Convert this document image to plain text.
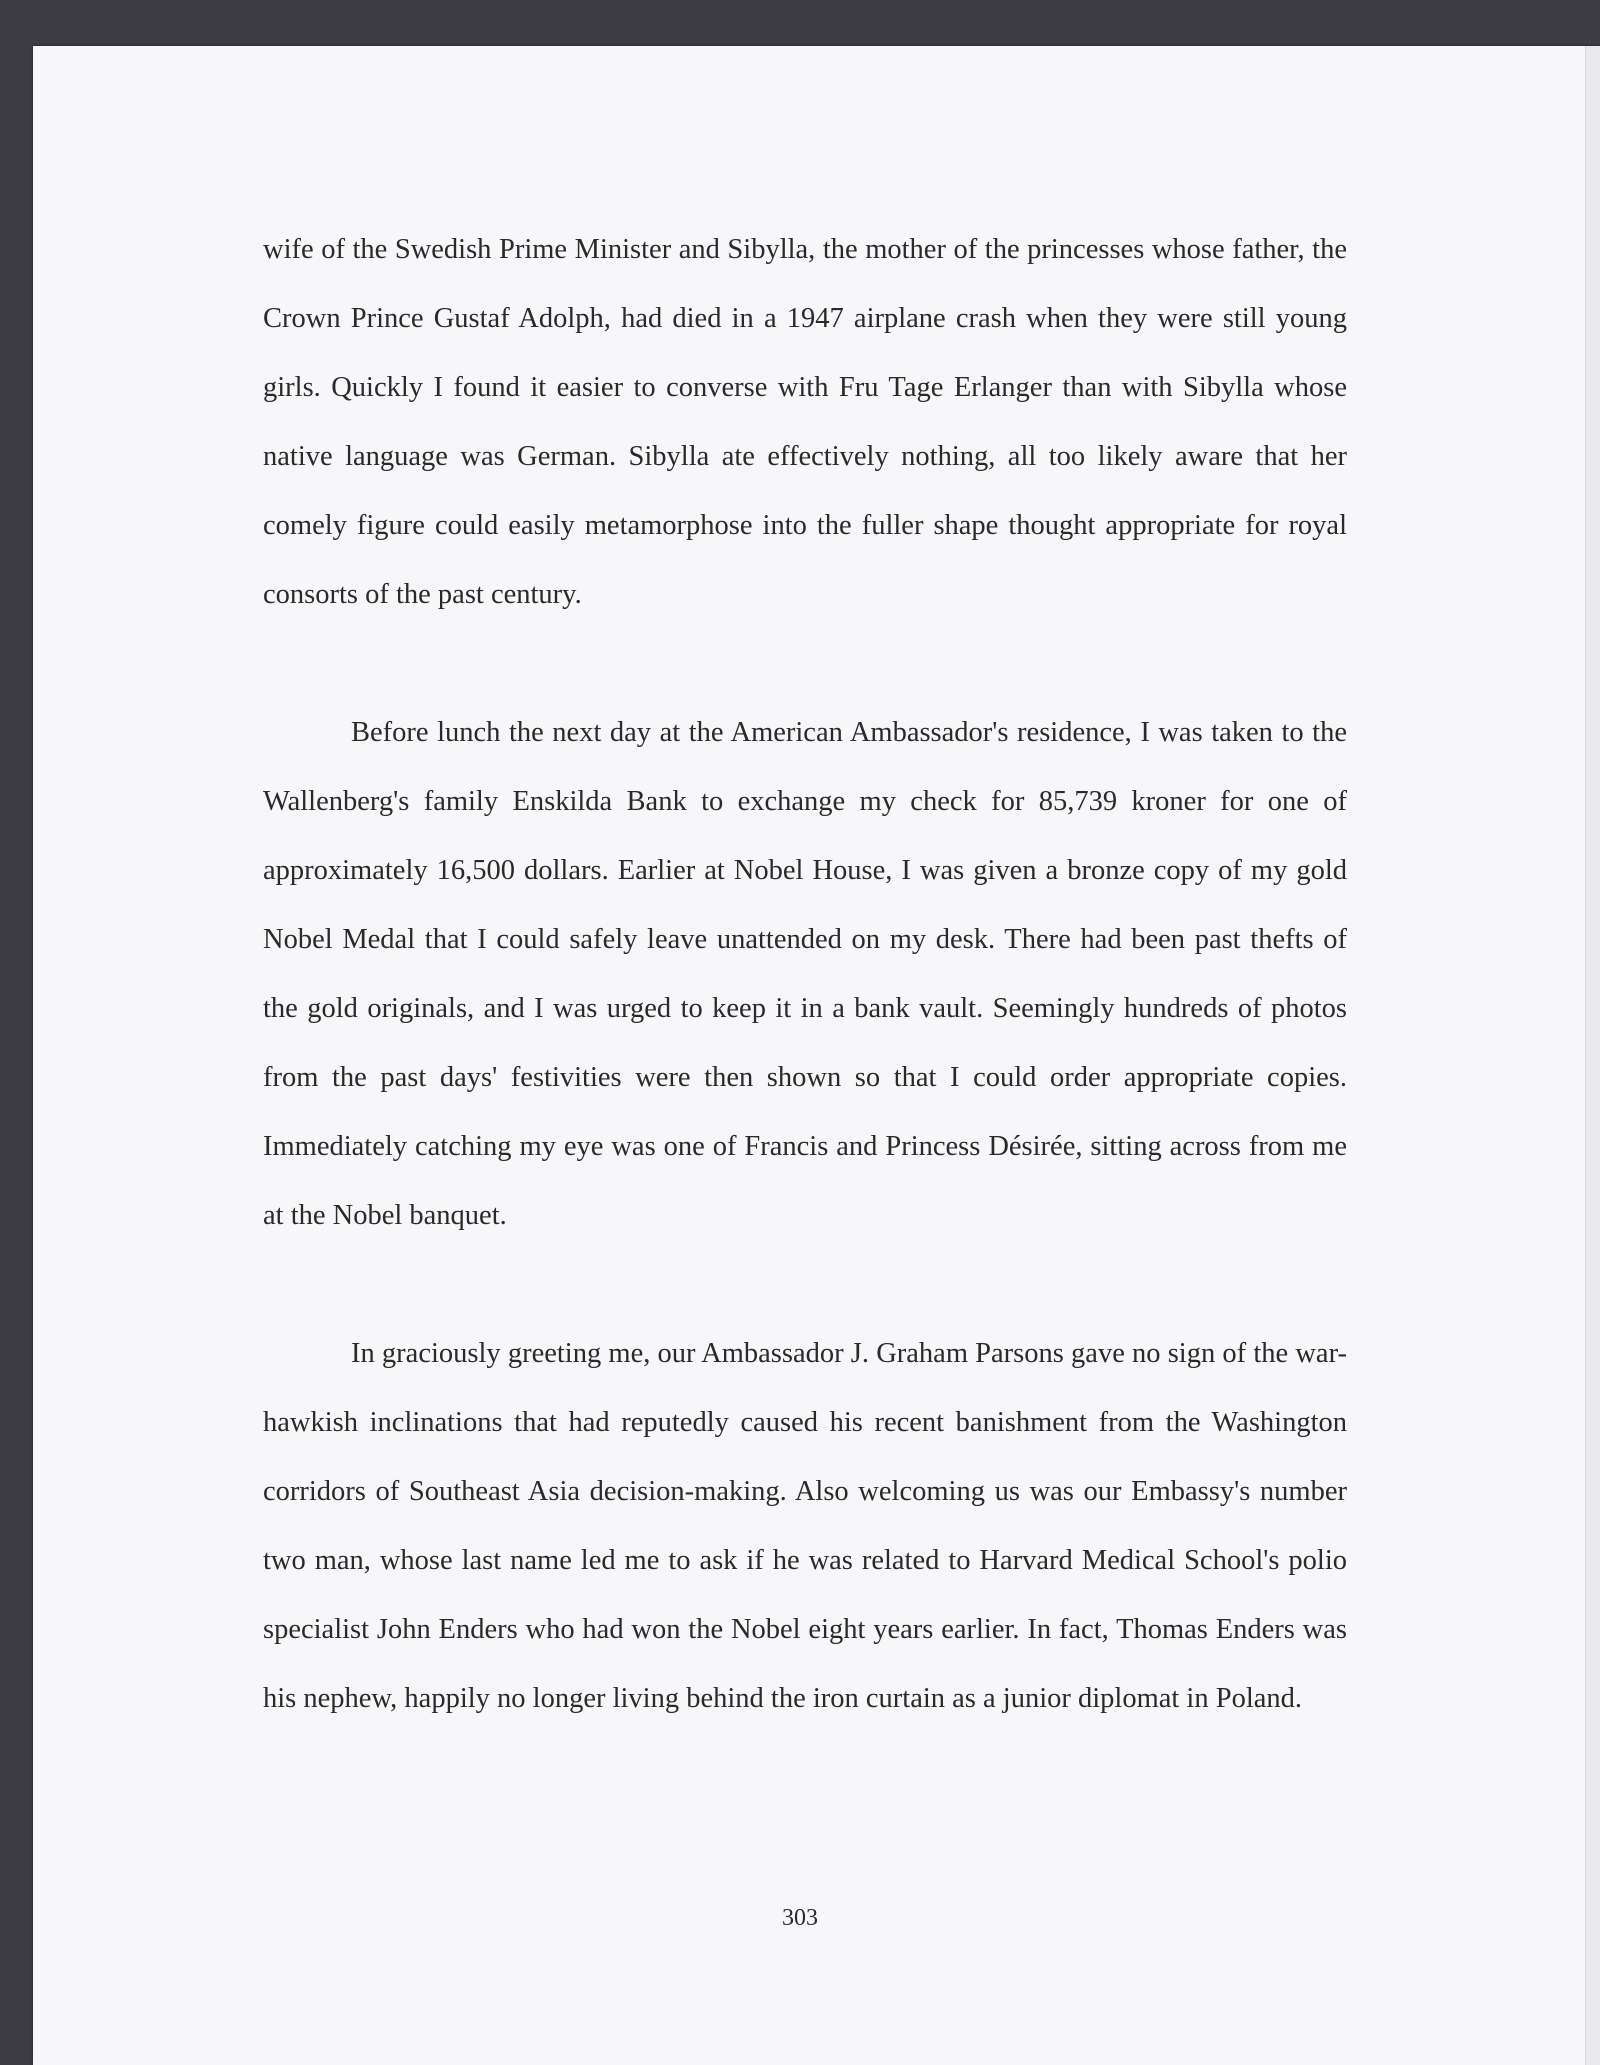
wife of the Swedish Prime Minister and Sibylla, the mother of the princesses whose father, the Crown Prince Gustaf Adolph, had died in a 1947 airplane crash when they were still young girls. Quickly I found it easier to converse with Fru Tage Erlanger than with Sibylla whose native language was German. Sibylla ate effectively nothing, all too likely aware that her comely figure could easily metamorphose into the fuller shape thought appropriate for royal consorts of the past century.

Before lunch the next day at the American Ambassador's residence, I was taken to the Wallenberg's family Enskilda Bank to exchange my check for 85,739 kroner for one of approximately 16,500 dollars. Earlier at Nobel House, I was given a bronze copy of my gold Nobel Medal that I could safely leave unattended on my desk. There had been past thefts of the gold originals, and I was urged to keep it in a bank vault. Seemingly hundreds of photos from the past days' festivities were then shown so that I could order appropriate copies. Immediately catching my eye was one of Francis and Princess Désirée, sitting across from me at the Nobel banquet.

In graciously greeting me, our Ambassador J. Graham Parsons gave no sign of the war-hawkish inclinations that had reputedly caused his recent banishment from the Washington corridors of Southeast Asia decision-making. Also welcoming us was our Embassy's number two man, whose last name led me to ask if he was related to Harvard Medical School's polio specialist John Enders who had won the Nobel eight years earlier. In fact, Thomas Enders was his nephew, happily no longer living behind the iron curtain as a junior diplomat in Poland.

303
